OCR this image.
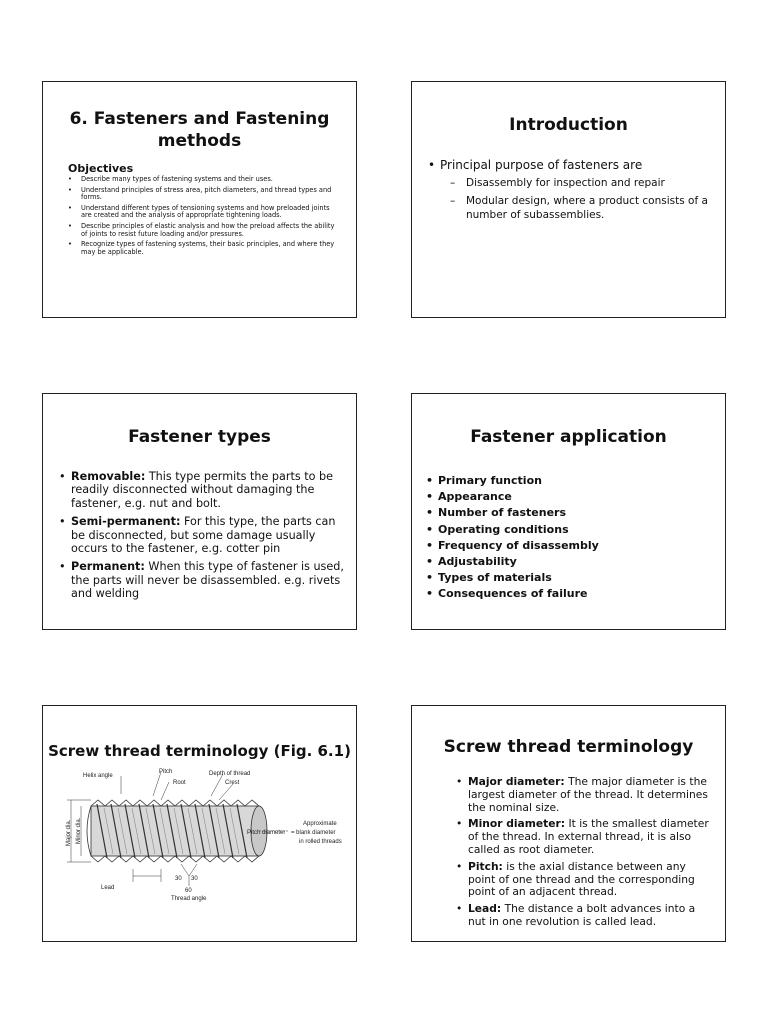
6. Fasteners and Fastening methods
Objectives
• Describe many types of fastening systems and their uses.
• Understand principles of stress area, pitch diameters, and thread types and forms.
• Understand different types of tensioning systems and how preloaded joints are created and the analysis of appropriate tightening loads.
• Describe principles of elastic analysis and how the preload affects the ability of joints to resist future loading and/or pressures.
• Recognize types of fastening systems, their basic principles, and where they may be applicable.
Introduction
• Principal purpose of fasteners are
– Disassembly for inspection and repair
– Modular design, where a product consists of a number of subassemblies.
Fastener types
• Removable: This type permits the parts to be readily disconnected without damaging the fastener, e.g. nut and bolt.
• Semi-permanent: For this type, the parts can be disconnected, but some damage usually occurs to the fastener, e.g. cotter pin
• Permanent: When this type of fastener is used, the parts will never be disassembled. e.g. rivets and welding
Fastener application
• Primary function
• Appearance
• Number of fasteners
• Operating conditions
• Frequency of disassembly
• Adjustability
• Types of materials
• Consequences of failure
Screw thread terminology (Fig. 6.1)
Helix angle
Pitch
Root
Depth of thread
Crest
Major dia. Minor dia.	Pitch diameter
Approximate
= blank diameter
in rolled threads
Lead
30 30
60
Thread angle
Screw thread terminology
• Major diameter: The major diameter is the largest diameter of the thread. It determines the nominal size.
• Minor diameter: It is the smallest diameter of the thread. In external thread, it is also called as root diameter.
• Pitch: is the axial distance between any point of one thread and the corresponding point of an adjacent thread.
• Lead: The distance a bolt advances into a nut in one revolution is called lead.
